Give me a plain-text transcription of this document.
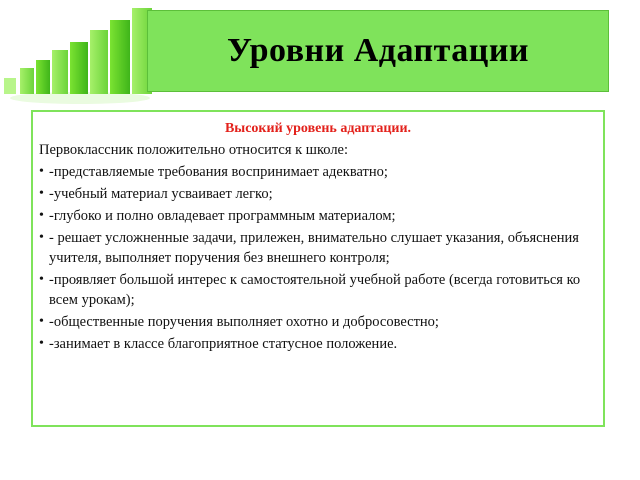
Уровни Адаптации
Высокий уровень адаптации.

Первоклассник положительно относится к школе:

• -представляемые требования воспринимает адекватно;
• -учебный материал усваивает легко;
• -глубоко и полно овладевает программным материалом;
• - решает усложненные задачи, прилежен, внимательно слушает указания, объяснения учителя, выполняет поручения без внешнего контроля;
• -проявляет большой интерес к самостоятельной учебной работе (всегда готовиться ко всем урокам);
• -общественные поручения выполняет охотно и добросовестно;
• -занимает в классе благоприятное статусное положение.
